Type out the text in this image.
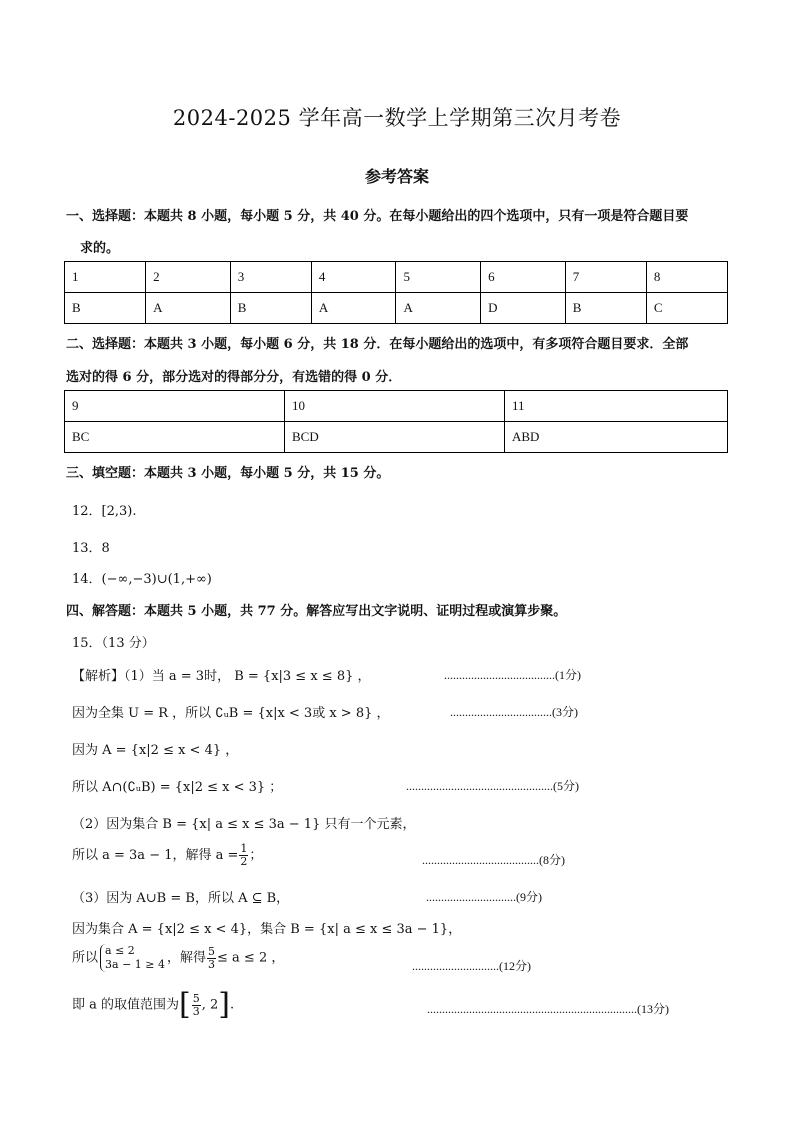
2024-2025 学年高一数学上学期第三次月考卷
参考答案
一、选择题：本题共 8 小题，每小题 5 分，共 40 分。在每小题给出的四个选项中，只有一项是符合题目要
求的。
1	2	3	4	5	6	7	8
B	A	B	A	A	D	B	C
二、选择题：本题共 3 小题，每小题 6 分，共 18 分．在每小题给出的选项中，有多项符合题目要求．全部
选对的得 6 分，部分选对的得部分分，有选错的得 0 分．
9	10	11
BC	BCD	ABD
三、填空题：本题共 3 小题，每小题 5 分，共 15 分。
12．[2,3).
13．8
14．(−∞,−3)∪(1,+∞)
四、解答题：本题共 5 小题，共 77 分。解答应写出文字说明、证明过程或演算步聚。
15．（13 分）
【解析】（1）当 a = 3时， B = {x|3 ≤ x ≤ 8} ，	.....................................(1分)
因为全集 U = R ，所以 ∁ᵤB = {x|x < 3或 x > 8} ，	..................................(3分)
因为 A = {x|2 ≤ x < 4} ，
所以 A∩(∁ᵤB) = {x|2 ≤ x < 3} ；	.................................................(5分)
（2）因为集合 B = {x| a ≤ x ≤ 3a − 1} 只有一个元素，
所以 a = 3a − 1，解得 $a = \frac{1}{2}$ ；	.......................................(8分)
（3）因为 A∪B = B，所以 A ⊆ B，	..............................(9分)
因为集合 A = {x|2 ≤ x < 4}，集合 B = {x| a ≤ x ≤ 3a − 1}，
所以 a ≤ 2
3a − 1 ≥ 4 ，解得 $\frac{5}{3} \le a \le 2$ ，
.............................(12分)
即 a 的取值范围为[ $\frac{5}{3}$ , 2].	......................................................................(13分)
